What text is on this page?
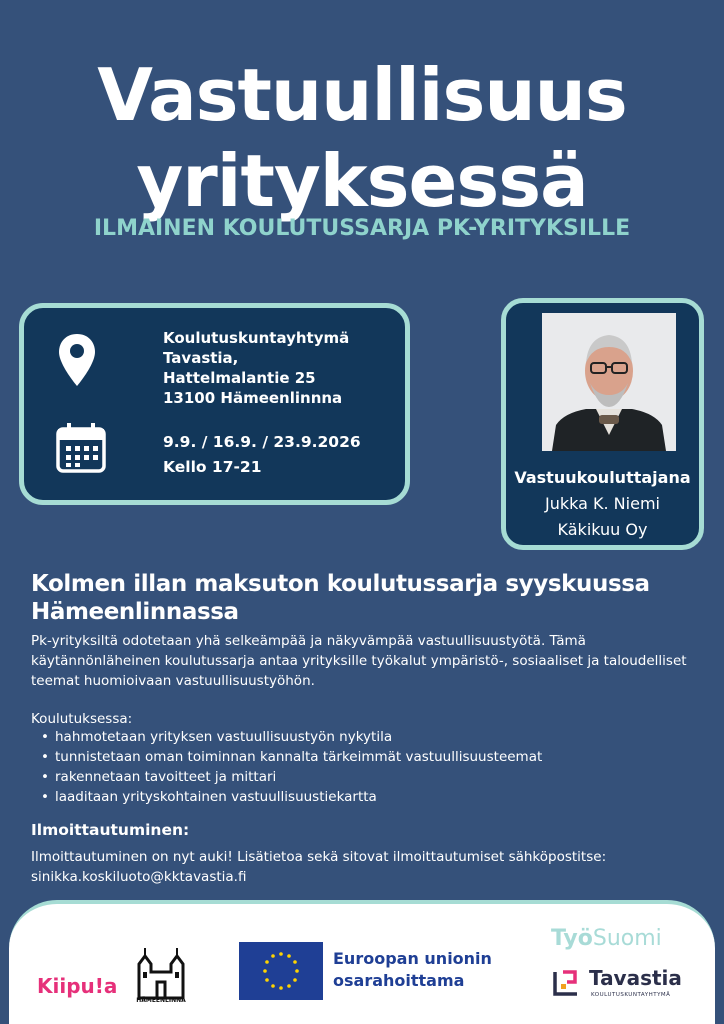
Vastuullisuus
yrityksessä
ILMAINEN KOULUTUSSARJA PK-YRITYKSILLE
Koulutuskuntayhtymä
Tavastia,
Hattelmalantie 25
13100 Hämeenlinnna
9.9. / 16.9. / 23.9.2026
Kello 17-21
Vastuukouluttajana
Jukka K. Niemi
Käkikuu Oy
Kolmen illan maksuton koulutussarja syyskuussa
Hämeenlinnassa
Pk-yrityksiltä odotetaan yhä selkeämpää ja näkyvämpää vastuullisuustyötä. Tämä käytännönläheinen koulutussarja antaa yrityksille työkalut ympäristö-, sosiaaliset ja taloudelliset teemat huomioivaan vastuullisuustyöhön.
Koulutuksessa:
• hahmotetaan yrityksen vastuullisuustyön nykytila
• tunnistetaan oman toiminnan kannalta tärkeimmät vastuullisuusteemat
• rakennetaan tavoitteet ja mittari
• laaditaan yrityskohtainen vastuullisuustiekartta
Ilmoittautuminen:
Ilmoittautuminen on nyt auki! Lisätietoa sekä sitovat ilmoittautumiset sähköpostitse:
sinikka.koskiluoto@kktavastia.fi
Kiipu!a
HÄMEENLINNA
Euroopan unionin
osarahoittama
TyöSuomi
Tavastia
KOULUTUSKUNTAYHTYMÄ
